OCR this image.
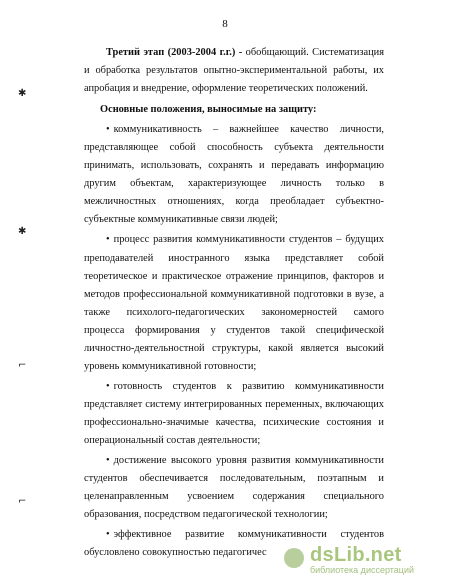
8
✱
✱
⌐
⌐

Третий этап (2003-2004 г.г.) - обобщающий. Систематизация и обработка результатов опытно-экспериментальной работы, их апробация и внедрение, оформление теоретических положений.

Основные положения, выносимые на защиту:

• коммуникативность – важнейшее качество личности, представляющее собой способность субъекта деятельности принимать, использовать, сохранять и передавать информацию другим объектам, характеризующее личность только в межличностных отношениях, когда преобладает субъектно-субъектные коммуникативные связи людей;

• процесс развития коммуникативности студентов – будущих преподавателей иностранного языка представляет собой теоретическое и практическое отражение принципов, факторов и методов профессиональной коммуникативной подготовки в вузе, а также психолого-педагогических закономерностей самого процесса формирования у студентов такой специфической личностно-деятельностной структуры, какой является высокий уровень коммуникативной готовности;

• готовность студентов к развитию коммуникативности представляет систему интегрированных переменных, включающих профессионально-значимые качества, психические состояния и операциональный состав деятельности;

• достижение высокого уровня развития коммуникативности студентов обеспечивается последовательным, поэтапным и целенаправленным усвоением содержания специального образования, посредством педагогической технологии;

• эффективное развитие коммуникативности студентов обусловлено совокупностью педагогичес	dsLib.net
библиотека диссертаций
